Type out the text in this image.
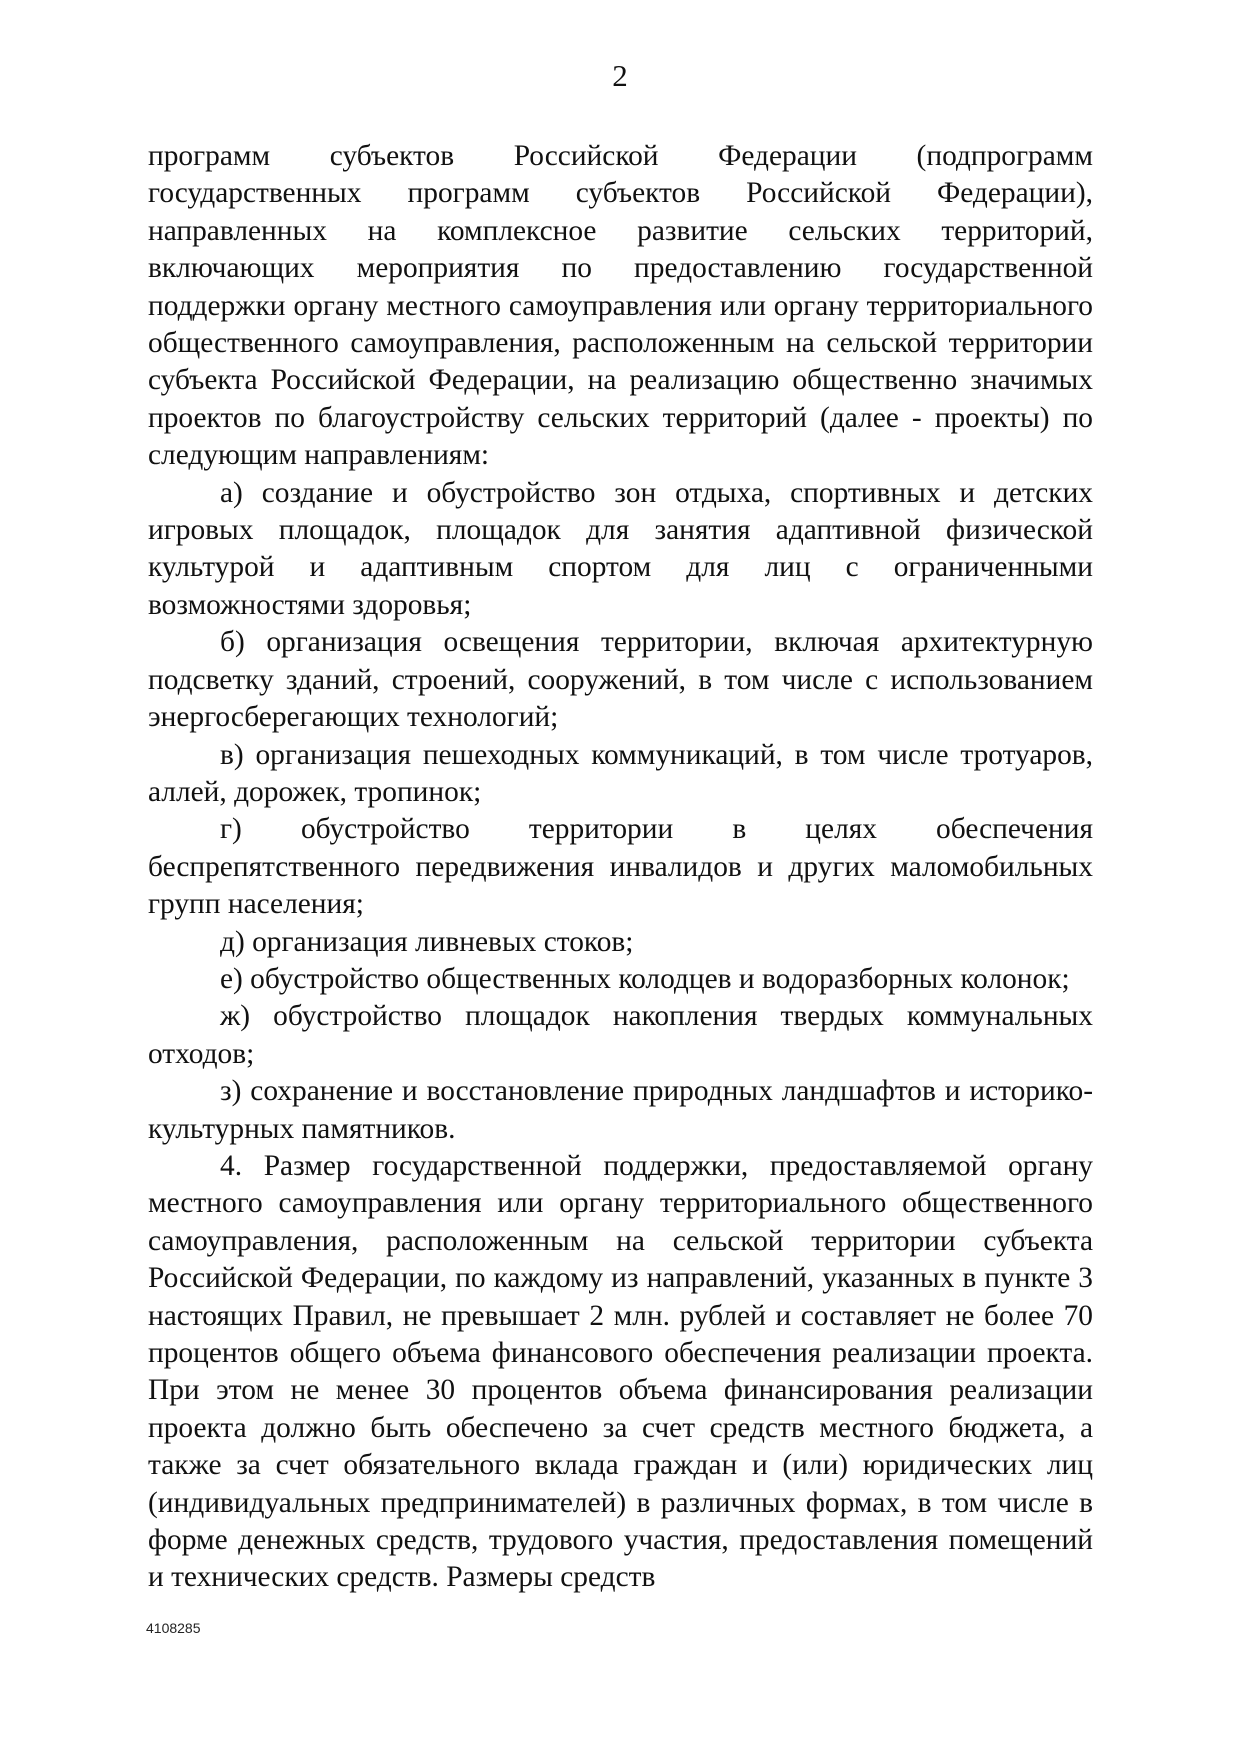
2

программ субъектов Российской Федерации (подпрограмм государственных программ субъектов Российской Федерации), направленных на комплексное развитие сельских территорий, включающих мероприятия по предоставлению государственной поддержки органу местного самоуправления или органу территориального общественного самоуправления, расположенным на сельской территории субъекта Российской Федерации, на реализацию общественно значимых проектов по благоустройству сельских территорий (далее - проекты) по следующим направлениям:

а) создание и обустройство зон отдыха, спортивных и детских игровых площадок, площадок для занятия адаптивной физической культурой и адаптивным спортом для лиц с ограниченными возможностями здоровья;

б) организация освещения территории, включая архитектурную подсветку зданий, строений, сооружений, в том числе с использованием энергосберегающих технологий;

в) организация пешеходных коммуникаций, в том числе тротуаров, аллей, дорожек, тропинок;

г) обустройство территории в целях обеспечения беспрепятственного передвижения инвалидов и других маломобильных групп населения;

д) организация ливневых стоков;

е) обустройство общественных колодцев и водоразборных колонок;

ж) обустройство площадок накопления твердых коммунальных отходов;

з) сохранение и восстановление природных ландшафтов и историко-культурных памятников.

4. Размер государственной поддержки, предоставляемой органу местного самоуправления или органу территориального общественного самоуправления, расположенным на сельской территории субъекта Российской Федерации, по каждому из направлений, указанных в пункте 3 настоящих Правил, не превышает 2 млн. рублей и составляет не более 70 процентов общего объема финансового обеспечения реализации проекта. При этом не менее 30 процентов объема финансирования реализации проекта должно быть обеспечено за счет средств местного бюджета, а также за счет обязательного вклада граждан и (или) юридических лиц (индивидуальных предпринимателей) в различных формах, в том числе в форме денежных средств, трудового участия, предоставления помещений и технических средств. Размеры средств

4108285
